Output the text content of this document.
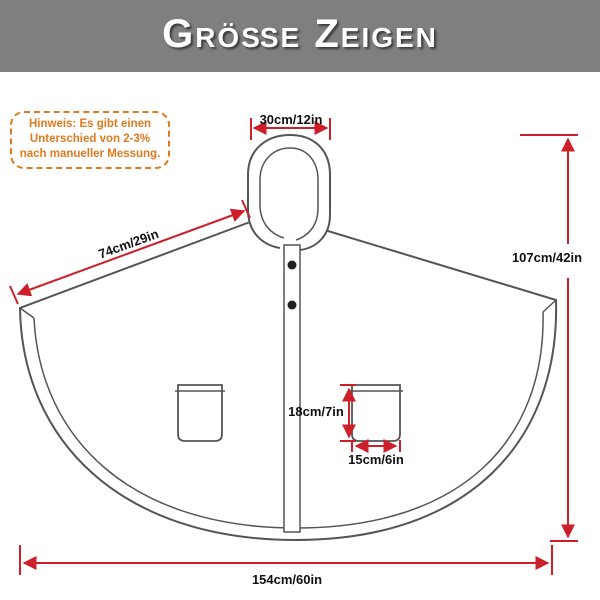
Größe Zeigen
Hinweis: Es gibt einen
Unterschied von 2-3%
nach manueller Messung.
30cm/12in
74cm/29in	107cm/42in
18cm/7in
15cm/6in
154cm/60in
